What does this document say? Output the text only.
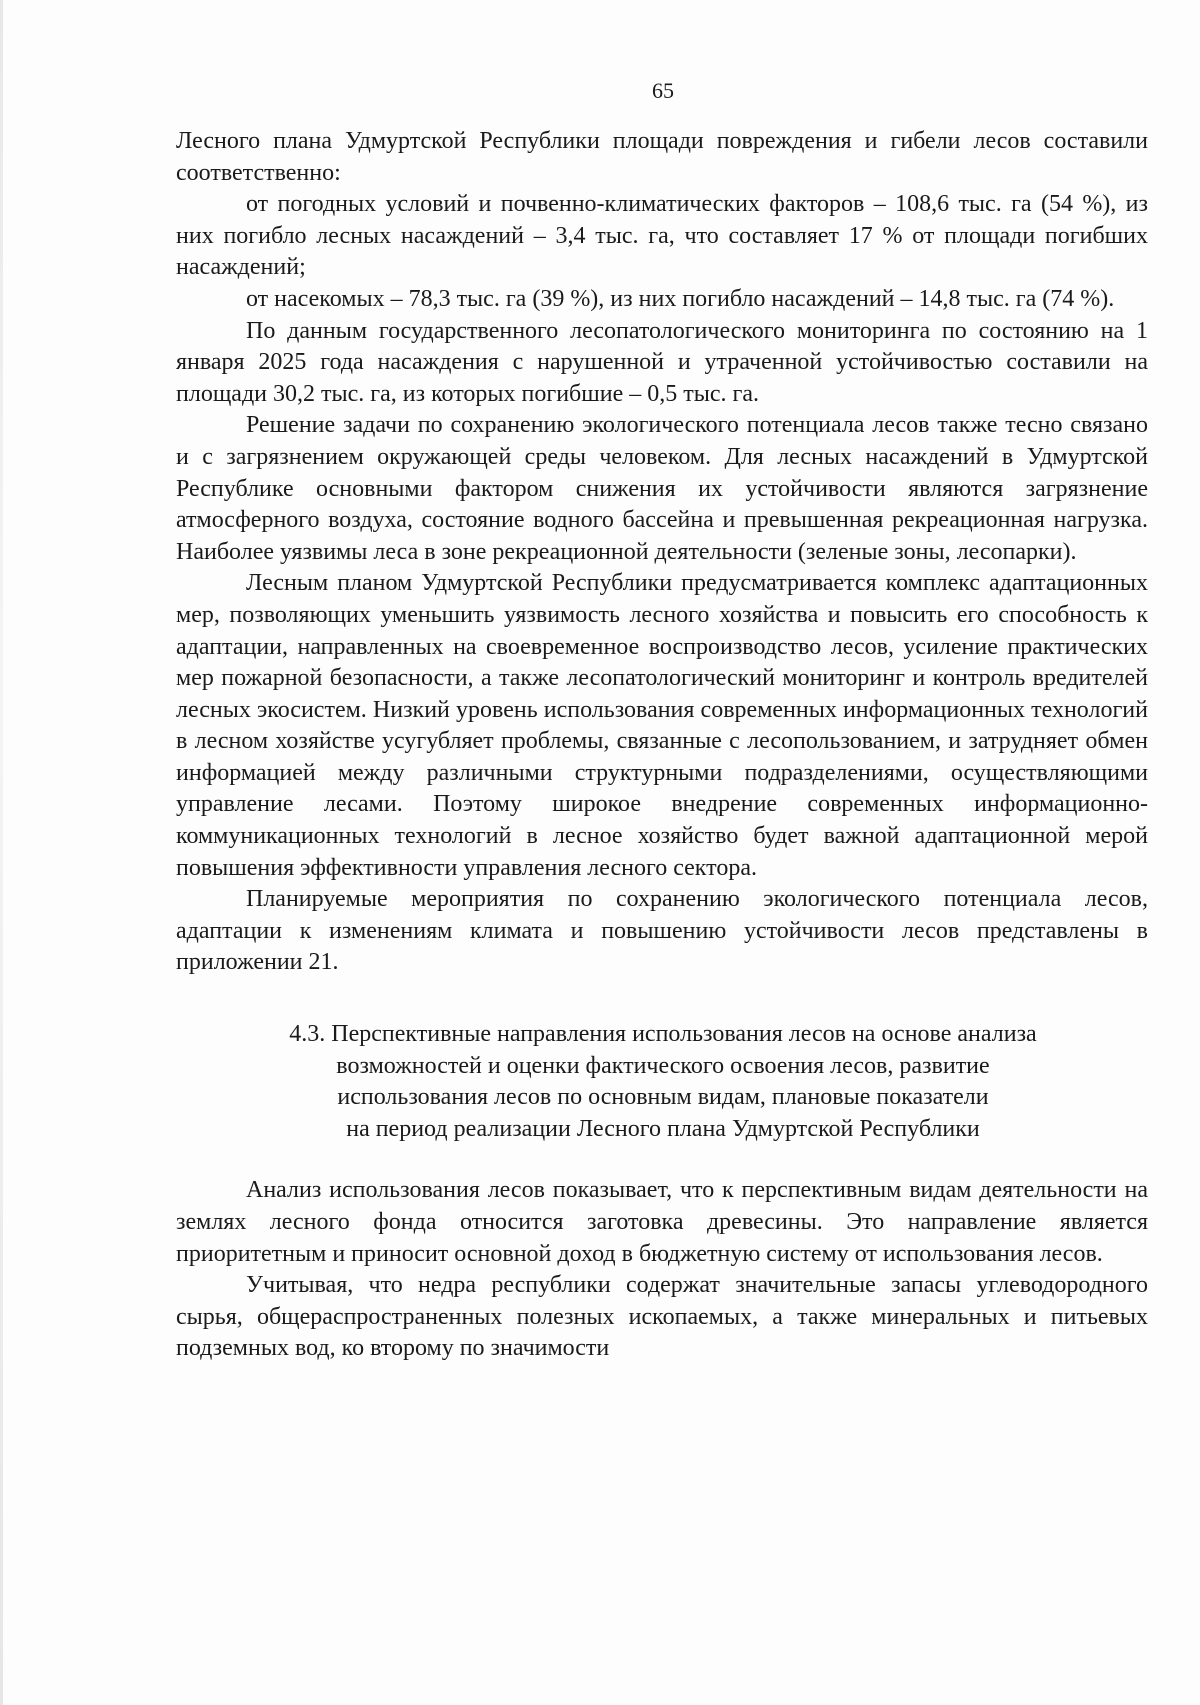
65

Лесного плана Удмуртской Республики площади повреждения и гибели лесов составили соответственно:

от погодных условий и почвенно-климатических факторов – 108,6 тыс. га (54 %), из них погибло лесных насаждений – 3,4 тыс. га, что составляет 17 % от площади погибших насаждений;

от насекомых – 78,3 тыс. га (39 %), из них погибло насаждений – 14,8 тыс. га (74 %).

По данным государственного лесопатологического мониторинга по состоянию на 1 января 2025 года насаждения с нарушенной и утраченной устойчивостью составили на площади 30,2 тыс. га, из которых погибшие – 0,5 тыс. га.

Решение задачи по сохранению экологического потенциала лесов также тесно связано и с загрязнением окружающей среды человеком. Для лесных насаждений в Удмуртской Республике основными фактором снижения их устойчивости являются загрязнение атмосферного воздуха, состояние водного бассейна и превышенная рекреационная нагрузка. Наиболее уязвимы леса в зоне рекреационной деятельности (зеленые зоны, лесопарки).

Лесным планом Удмуртской Республики предусматривается комплекс адаптационных мер, позволяющих уменьшить уязвимость лесного хозяйства и повысить его способность к адаптации, направленных на своевременное воспроизводство лесов, усиление практических мер пожарной безопасности, а также лесопатологический мониторинг и контроль вредителей лесных экосистем. Низкий уровень использования современных информационных технологий в лесном хозяйстве усугубляет проблемы, связанные с лесопользованием, и затрудняет обмен информацией между различными структурными подразделениями, осуществляющими управление лесами. Поэтому широкое внедрение современных информационно-коммуникационных технологий в лесное хозяйство будет важной адаптационной мерой повышения эффективности управления лесного сектора.

Планируемые мероприятия по сохранению экологического потенциала лесов, адаптации к изменениям климата и повышению устойчивости лесов представлены в приложении 21.

4.3. Перспективные направления использования лесов на основе анализа
возможностей и оценки фактического освоения лесов, развитие
использования лесов по основным видам, плановые показатели
на период реализации Лесного плана Удмуртской Республики

Анализ использования лесов показывает, что к перспективным видам деятельности на землях лесного фонда относится заготовка древесины. Это направление является приоритетным и приносит основной доход в бюджетную систему от использования лесов.

Учитывая, что недра республики содержат значительные запасы углеводородного сырья, общераспространенных полезных ископаемых, а также минеральных и питьевых подземных вод, ко второму по значимости
